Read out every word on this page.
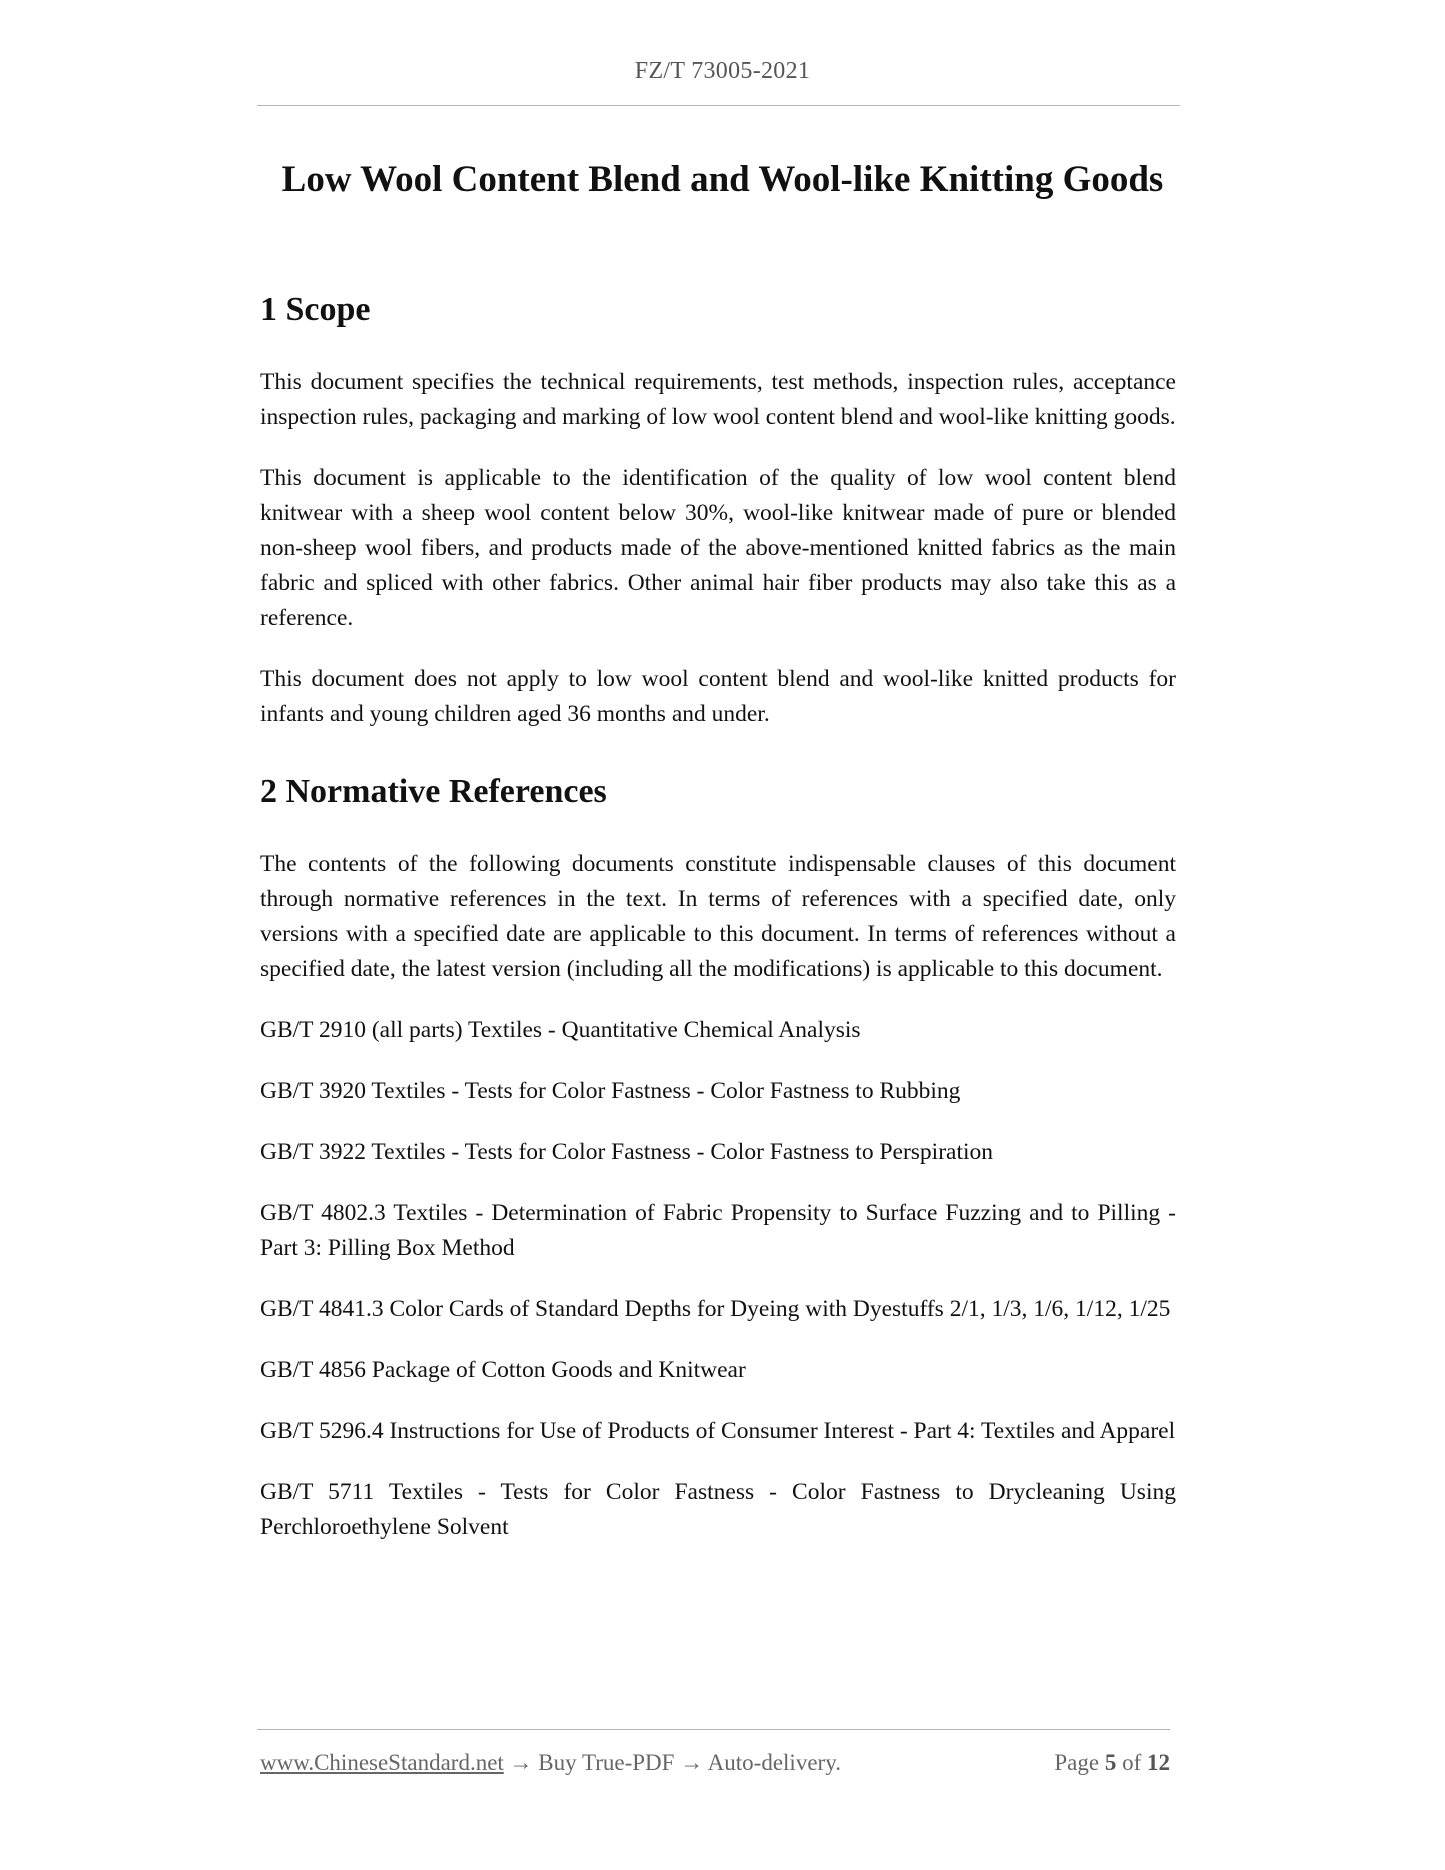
FZ/T 73005-2021
Low Wool Content Blend and Wool-like Knitting Goods
1 Scope

This document specifies the technical requirements, test methods, inspection rules, acceptance inspection rules, packaging and marking of low wool content blend and wool-like knitting goods.

This document is applicable to the identification of the quality of low wool content blend knitwear with a sheep wool content below 30%, wool-like knitwear made of pure or blended non-sheep wool fibers, and products made of the above-mentioned knitted fabrics as the main fabric and spliced with other fabrics. Other animal hair fiber products may also take this as a reference.

This document does not apply to low wool content blend and wool-like knitted products for infants and young children aged 36 months and under.

2 Normative References

The contents of the following documents constitute indispensable clauses of this document through normative references in the text. In terms of references with a specified date, only versions with a specified date are applicable to this document. In terms of references without a specified date, the latest version (including all the modifications) is applicable to this document.

GB/T 2910 (all parts) Textiles - Quantitative Chemical Analysis

GB/T 3920 Textiles - Tests for Color Fastness - Color Fastness to Rubbing

GB/T 3922 Textiles - Tests for Color Fastness - Color Fastness to Perspiration

GB/T 4802.3 Textiles - Determination of Fabric Propensity to Surface Fuzzing and to Pilling - Part 3: Pilling Box Method

GB/T 4841.3 Color Cards of Standard Depths for Dyeing with Dyestuffs 2/1, 1/3, 1/6, 1/12, 1/25

GB/T 4856 Package of Cotton Goods and Knitwear

GB/T 5296.4 Instructions for Use of Products of Consumer Interest - Part 4: Textiles and Apparel

GB/T 5711 Textiles - Tests for Color Fastness - Color Fastness to Drycleaning Using Perchloroethylene Solvent

www.ChineseStandard.net → Buy True-PDF → Auto-delivery.	Page 5 of 12
